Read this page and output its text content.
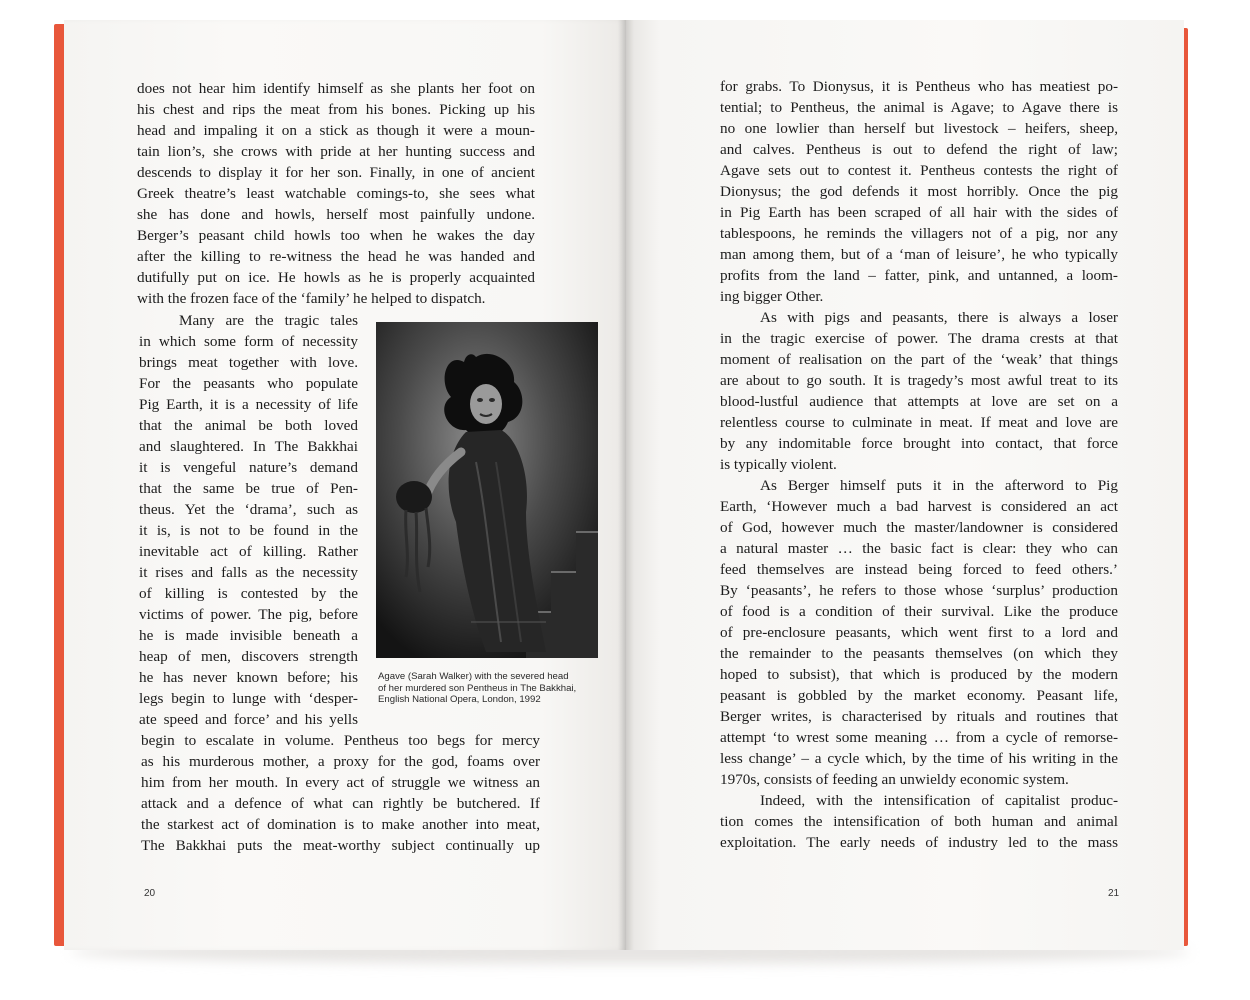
does not hear him identify himself as she plants her foot on
his chest and rips the meat from his bones. Picking up his
head and impaling it on a stick as though it were a moun-
tain lion’s, she crows with pride at her hunting success and
descends to display it for her son. Finally, in one of ancient
Greek theatre’s least watchable comings-to, she sees what
she has done and howls, herself most painfully undone.
Berger’s peasant child howls too when he wakes the day
after the killing to re-witness the head he was handed and
dutifully put on ice. He howls as he is properly acquainted
with the frozen face of the ‘family’ he helped to dispatch.
Many are the tragic tales
in which some form of necessity
brings meat together with love.
For the peasants who populate
Pig Earth, it is a necessity of life
that the animal be both loved
and slaughtered. In The Bakkhai
it is vengeful nature’s demand
that the same be true of Pen-
theus. Yet the ‘drama’, such as
it is, is not to be found in the
inevitable act of killing. Rather
it rises and falls as the necessity
of killing is contested by the
victims of power. The pig, before
he is made invisible beneath a
heap of men, discovers strength
he has never known before; his
legs begin to lunge with ‘desper-
ate speed and force’ and his yells
Agave (Sarah Walker) with the severed head
of her murdered son Pentheus in The Bakkhai,
English National Opera, London, 1992
begin to escalate in volume. Pentheus too begs for mercy
as his murderous mother, a proxy for the god, foams over
him from her mouth. In every act of struggle we witness an
attack and a defence of what can rightly be butchered. If
the starkest act of domination is to make another into meat,
The Bakkhai puts the meat-worthy subject continually up
20
for grabs. To Dionysus, it is Pentheus who has meatiest po-
tential; to Pentheus, the animal is Agave; to Agave there is
no one lowlier than herself but livestock – heifers, sheep,
and calves. Pentheus is out to defend the right of law;
Agave sets out to contest it. Pentheus contests the right of
Dionysus; the god defends it most horribly. Once the pig
in Pig Earth has been scraped of all hair with the sides of
tablespoons, he reminds the villagers not of a pig, nor any
man among them, but of a ‘man of leisure’, he who typically
profits from the land – fatter, pink, and untanned, a loom-
ing bigger Other.
As with pigs and peasants, there is always a loser
in the tragic exercise of power. The drama crests at that
moment of realisation on the part of the ‘weak’ that things
are about to go south. It is tragedy’s most awful treat to its
blood-lustful audience that attempts at love are set on a
relentless course to culminate in meat. If meat and love are
by any indomitable force brought into contact, that force
is typically violent.
As Berger himself puts it in the afterword to Pig
Earth, ‘However much a bad harvest is considered an act
of God, however much the master/landowner is considered
a natural master … the basic fact is clear: they who can
feed themselves are instead being forced to feed others.’
By ‘peasants’, he refers to those whose ‘surplus’ production
of food is a condition of their survival. Like the produce
of pre-enclosure peasants, which went first to a lord and
the remainder to the peasants themselves (on which they
hoped to subsist), that which is produced by the modern
peasant is gobbled by the market economy. Peasant life,
Berger writes, is characterised by rituals and routines that
attempt ‘to wrest some meaning … from a cycle of remorse-
less change’ – a cycle which, by the time of his writing in the
1970s, consists of feeding an unwieldy economic system.
Indeed, with the intensification of capitalist produc-
tion comes the intensification of both human and animal
exploitation. The early needs of industry led to the mass
21
